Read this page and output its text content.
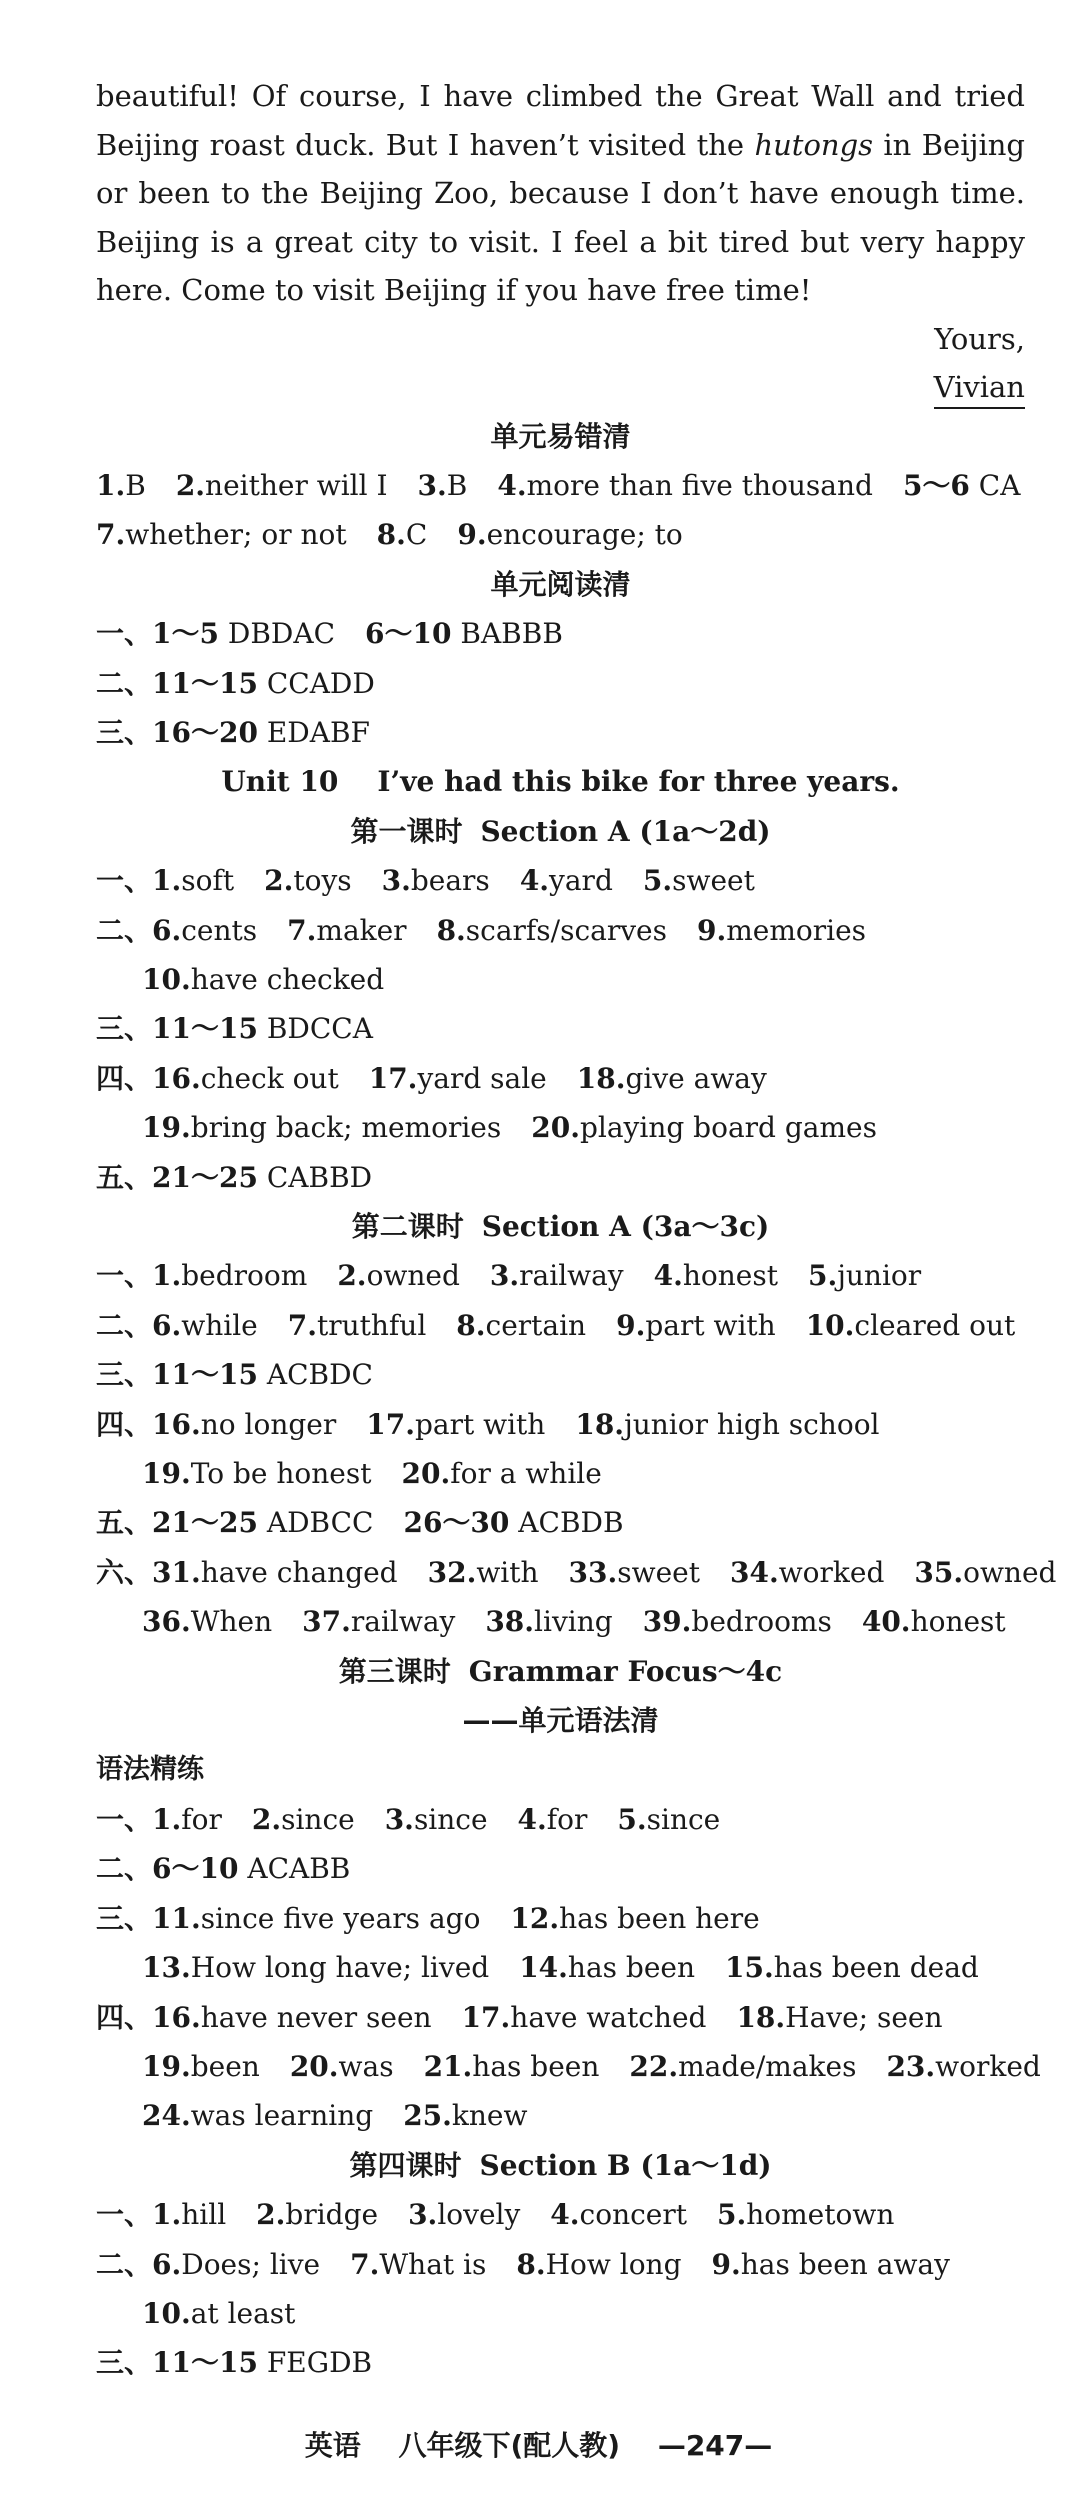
beautiful! Of course, I have climbed the Great Wall and tried Beijing roast duck. But I haven’t visited the hutongs in Beijing or been to the Beijing Zoo, because I don’t have enough time. Beijing is a great city to visit. I feel a bit tired but very happy here. Come to visit Beijing if you have free time!

Yours,
Vivian
单元易错清
1.B 2.neither will I 3.B 4.more than five thousand 5～6 CA
7.whether; or not 8.C 9.encourage; to
单元阅读清
一、1～5 DBDAC 6～10 BABBB
二、11～15 CCADD
三、16～20 EDABF
Unit 10    I’ve had this bike for three years.
第一课时 Section A (1a～2d)
一、1.soft 2.toys 3.bears 4.yard 5.sweet
二、6.cents 7.maker 8.scarfs/scarves 9.memories
10.have checked
三、11～15 BDCCA
四、16.check out 17.yard sale 18.give away
19.bring back; memories 20.playing board games
五、21～25 CABBD
第二课时 Section A (3a～3c)
一、1.bedroom 2.owned 3.railway 4.honest 5.junior
二、6.while 7.truthful 8.certain 9.part with 10.cleared out
三、11～15 ACBDC
四、16.no longer 17.part with 18.junior high school
19.To be honest 20.for a while
五、21～25 ADBCC 26～30 ACBDB
六、31.have changed 32.with 33.sweet 34.worked 35.owned
36.When 37.railway 38.living 39.bedrooms 40.honest
第三课时 Grammar Focus～4c
——单元语法清
语法精练
一、1.for 2.since 3.since 4.for 5.since
二、6～10 ACABB
三、11.since five years ago 12.has been here
13.How long have; lived 14.has been 15.has been dead
四、16.have never seen 17.have watched 18.Have; seen
19.been 20.was 21.has been 22.made/makes 23.worked
24.was learning 25.knew
第四课时 Section B (1a～1d)
一、1.hill 2.bridge 3.lovely 4.concert 5.hometown
二、6.Does; live 7.What is 8.How long 9.has been away
10.at least
三、11～15 FEGDB
英语 八年级下(配人教) —247—
